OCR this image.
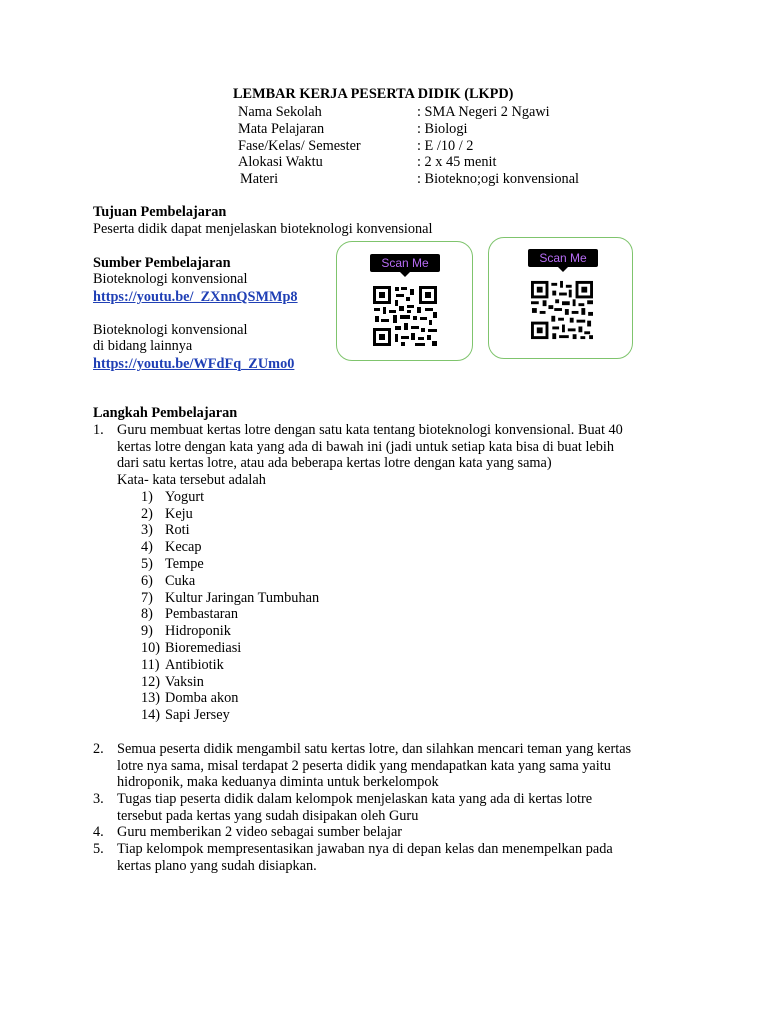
LEMBAR KERJA PESERTA DIDIK (LKPD)
Nama Sekolah	: SMA Negeri 2 Ngawi
Mata Pelajaran	: Biologi
Fase/Kelas/ Semester	: E /10 / 2
Alokasi Waktu	: 2 x 45 menit
Materi	: Biotekno;ogi konvensional
Tujuan Pembelajaran
Peserta didik dapat menjelaskan bioteknologi konvensional
Sumber Pembelajaran
Bioteknologi konvensional
https://youtu.be/_ZXnnQSMMp8
Bioteknologi konvensional
di bidang lainnya
https://youtu.be/WFdFq_ZUmo0
Scan Me	Scan Me
Langkah Pembelajaran
1. Guru membuat kertas lotre dengan satu kata tentang bioteknologi konvensional. Buat 40
kertas lotre dengan kata yang ada di bawah ini (jadi untuk setiap kata bisa di buat lebih
dari satu kertas lotre, atau ada beberapa kertas lotre dengan kata yang sama)
Kata- kata tersebut adalah
1) Yogurt
2) Keju
3) Roti
4) Kecap
5) Tempe
6) Cuka
7) Kultur Jaringan Tumbuhan
8) Pembastaran
9) Hidroponik
10) Bioremediasi
11) Antibiotik
12) Vaksin
13) Domba akon
14) Sapi Jersey
2. Semua peserta didik mengambil satu kertas lotre, dan silahkan mencari teman yang kertas
lotre nya sama, misal terdapat 2 peserta didik yang mendapatkan kata yang sama yaitu
hidroponik, maka keduanya diminta untuk berkelompok
3. Tugas tiap peserta didik dalam kelompok menjelaskan kata yang ada di kertas lotre
tersebut pada kertas yang sudah disipakan oleh Guru
4. Guru memberikan 2 video sebagai sumber belajar
5. Tiap kelompok mempresentasikan jawaban nya di depan kelas dan menempelkan pada
kertas plano yang sudah disiapkan.
